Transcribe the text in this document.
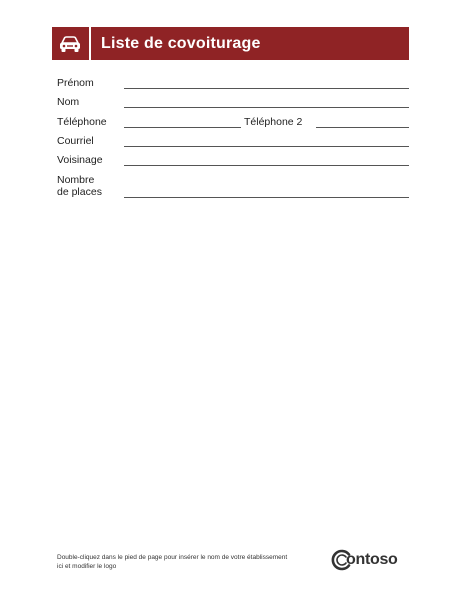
Liste de covoiturage
Prénom
Nom
Téléphone	Téléphone 2
Courriel
Voisinage
Nombre
de places
Double-cliquez dans le pied de page pour insérer le nom de votre établissement
ici et modifier le logo	ontoso
